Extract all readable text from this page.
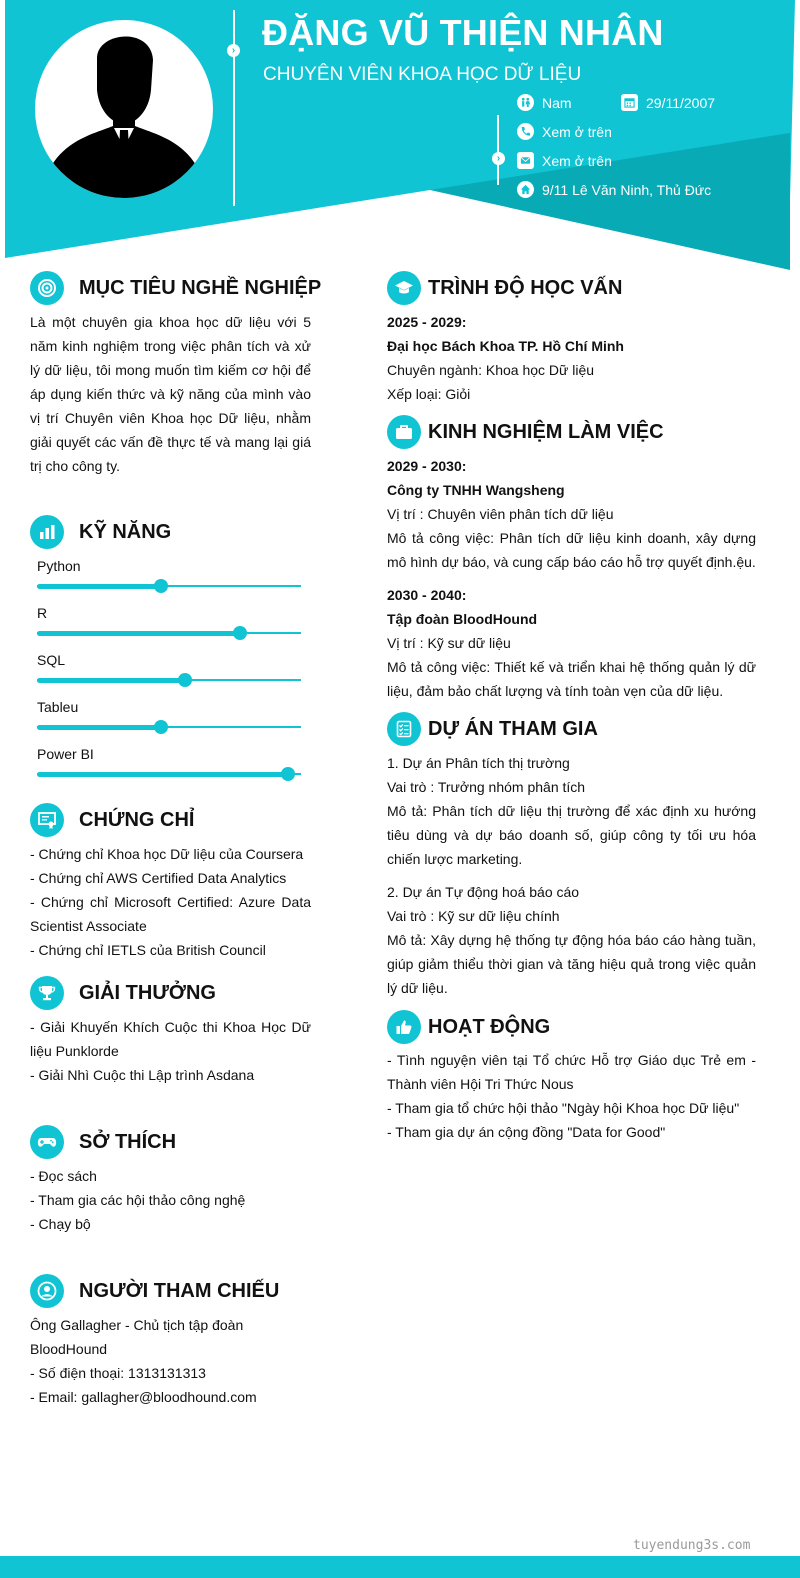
› ĐẶNG VŨ THIỆN NHÂN
CHUYÊN VIÊN KHOA HỌC DỮ LIỆU
›
Nam	29/11/2007
Xem ở trên
Xem ở trên
9/11 Lê Văn Ninh, Thủ Đức
MỤC TIÊU NGHỀ NGHIỆP
Là một chuyên gia khoa học dữ liệu với 5 năm kinh nghiệm trong việc phân tích và xử lý dữ liệu, tôi mong muốn tìm kiếm cơ hội để áp dụng kiến thức và kỹ năng của mình vào vị trí Chuyên viên Khoa học Dữ liệu, nhằm giải quyết các vấn đề thực tế và mang lại giá trị cho công ty.
KỸ NĂNG
Python
R
SQL
Tableu
Power BI
CHỨNG CHỈ
- Chứng chỉ Khoa học Dữ liệu của Coursera
- Chứng chỉ AWS Certified Data Analytics
- Chứng chỉ Microsoft Certified: Azure Data Scientist Associate
- Chứng chỉ IETLS của British Council
GIẢI THƯỞNG
- Giải Khuyến Khích Cuộc thi Khoa Học Dữ liệu Punklorde
- Giải Nhì Cuộc thi Lập trình Asdana
SỞ THÍCH
- Đọc sách
- Tham gia các hội thảo công nghệ
- Chạy bộ
NGƯỜI THAM CHIẾU
Ông Gallagher - Chủ tịch tập đoàn BloodHound
- Số điện thoại: 1313131313
- Email: gallagher@bloodhound.com
TRÌNH ĐỘ HỌC VẤN
2025 - 2029:
Đại học Bách Khoa TP. Hồ Chí Minh
Chuyên ngành: Khoa học Dữ liệu
Xếp loại: Giỏi
KINH NGHIỆM LÀM VIỆC
2029 - 2030:
Công ty TNHH Wangsheng
Vị trí : Chuyên viên phân tích dữ liệu
Mô tả công việc: Phân tích dữ liệu kinh doanh, xây dựng mô hình dự báo, và cung cấp báo cáo hỗ trợ quyết định.ệu.
2030 - 2040:
Tập đoàn BloodHound
Vị trí : Kỹ sư dữ liệu
Mô tả công việc: Thiết kế và triển khai hệ thống quản lý dữ liệu, đảm bảo chất lượng và tính toàn vẹn của dữ liệu.
DỰ ÁN THAM GIA
1. Dự án Phân tích thị trường
Vai trò : Trưởng nhóm phân tích
Mô tả: Phân tích dữ liệu thị trường để xác định xu hướng tiêu dùng và dự báo doanh số, giúp công ty tối ưu hóa chiến lược marketing.
2. Dự án Tự động hoá báo cáo
Vai trò : Kỹ sư dữ liệu chính
Mô tả: Xây dựng hệ thống tự động hóa báo cáo hàng tuần, giúp giảm thiểu thời gian và tăng hiệu quả trong việc quản lý dữ liệu.
HOẠT ĐỘNG
- Tình nguyện viên tại Tổ chức Hỗ trợ Giáo dục Trẻ em - Thành viên Hội Tri Thức Nous
- Tham gia tổ chức hội thảo "Ngày hội Khoa học Dữ liệu"
- Tham gia dự án cộng đồng "Data for Good"
tuyendung3s.com
